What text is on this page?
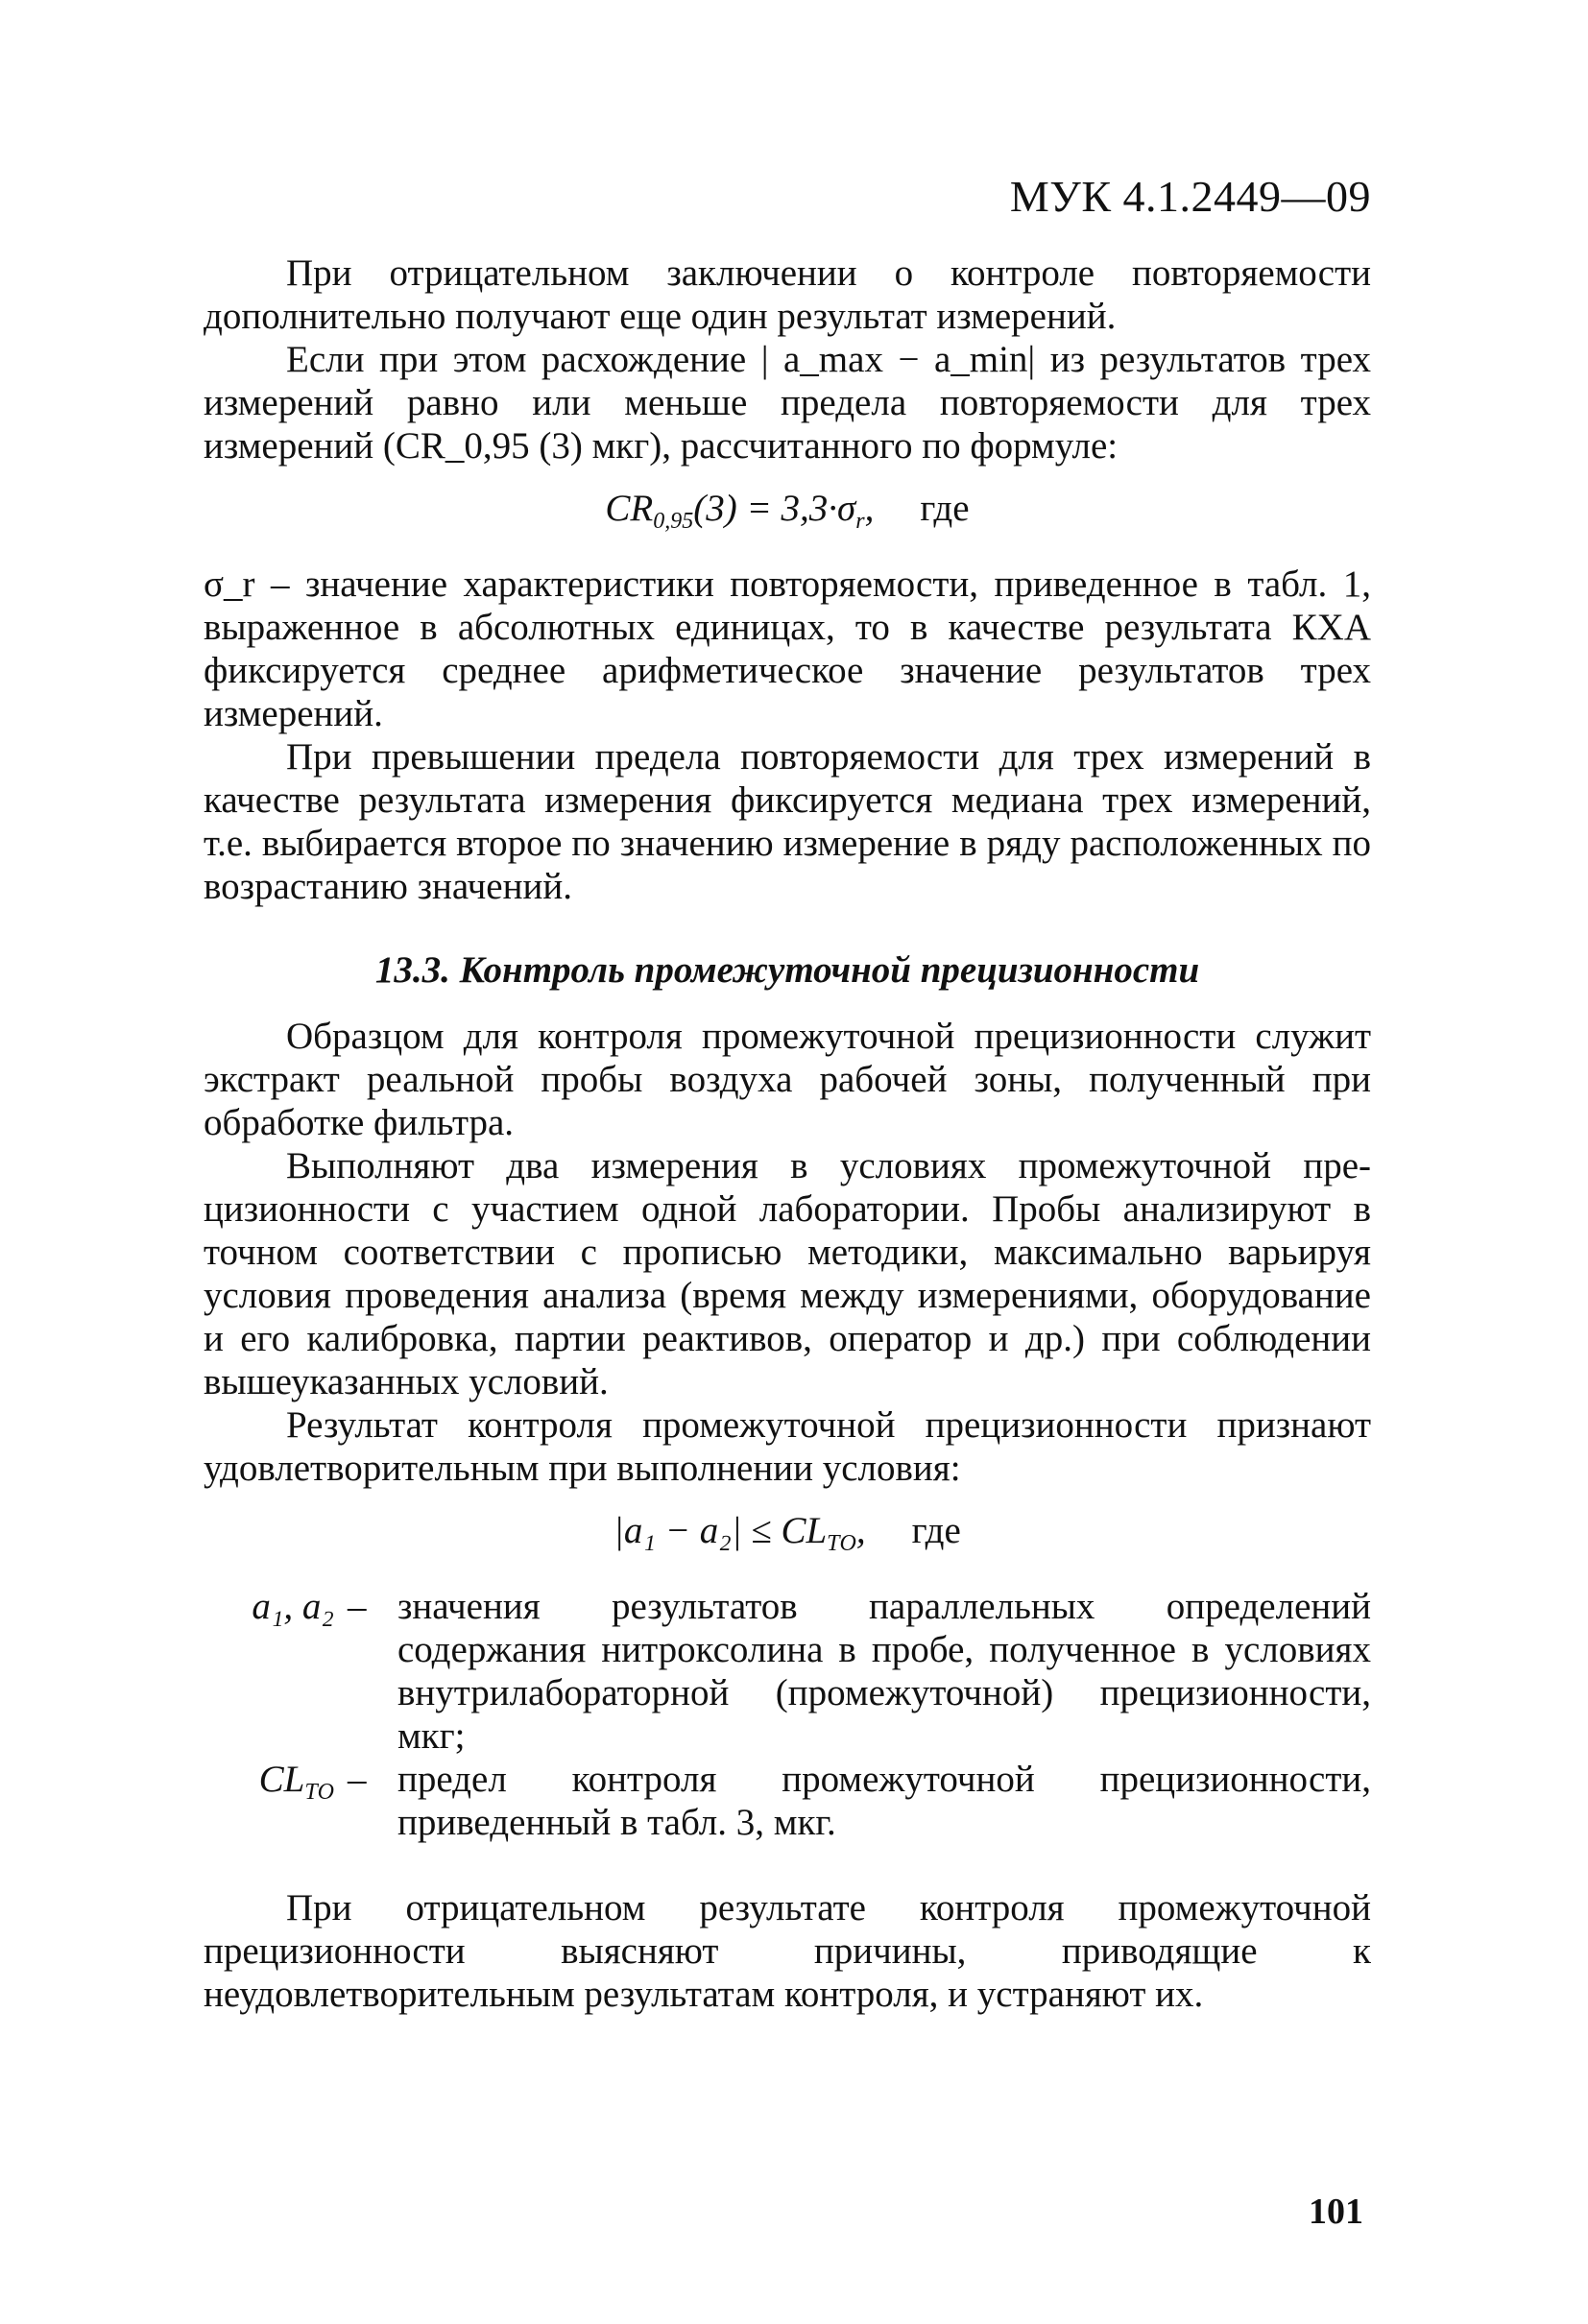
МУК 4.1.2449—09

При отрицательном заключении о контроле повторяемости дополнительно получают еще один результат измерений.

Если при этом расхождение | a_max − a_min| из результатов трех измерений равно или меньше предела повторяемости для трех измерений (CR_0,95 (3) мкг), рассчитанного по формуле:

$CR_{0,95}(3) = 3,3\cdot\sigma_r$, где

σ_r – значение характеристики повторяемости, приведенное в табл. 1, выраженное в абсолютных единицах, то в качестве результата КХА фиксируется среднее арифметическое значение результатов трех измерений.

При превышении предела повторяемости для трех измерений в качестве результата измерения фиксируется медиана трех измерений, т.е. выбирается второе по значению измерение в ряду расположенных по возрастанию значений.

13.3. Контроль промежуточной прецизионности

Образцом для контроля промежуточной прецизионности служит экстракт реальной пробы воздуха рабочей зоны, полученный при обработке фильтра.

Выполняют два измерения в условиях промежуточной пре-цизионности с участием одной лаборатории. Пробы анализируют в точном соответствии с прописью методики, максимально варьируя условия проведения анализа (время между измерениями, оборудование и его калибровка, партии реактивов, оператор и др.) при соблюдении вышеуказанных условий.

Результат контроля промежуточной прецизионности признают удовлетворительным при выполнении условия:

$|a_1 - a_2| \le CL_{ТО}$, где
a₁, a₂ – значения результатов параллельных определений содержания нитроксолина в пробе, полученное в условиях внутрилабораторной (промежуточной) прецизионности, мкг;
$CL_{ТО}$ – предел контроля промежуточной прецизионности, приведенный в табл. 3, мкг.

При отрицательном результате контроля промежуточной прецизионности выясняют причины, приводящие к неудовлетворительным результатам контроля, и устраняют их.

101
